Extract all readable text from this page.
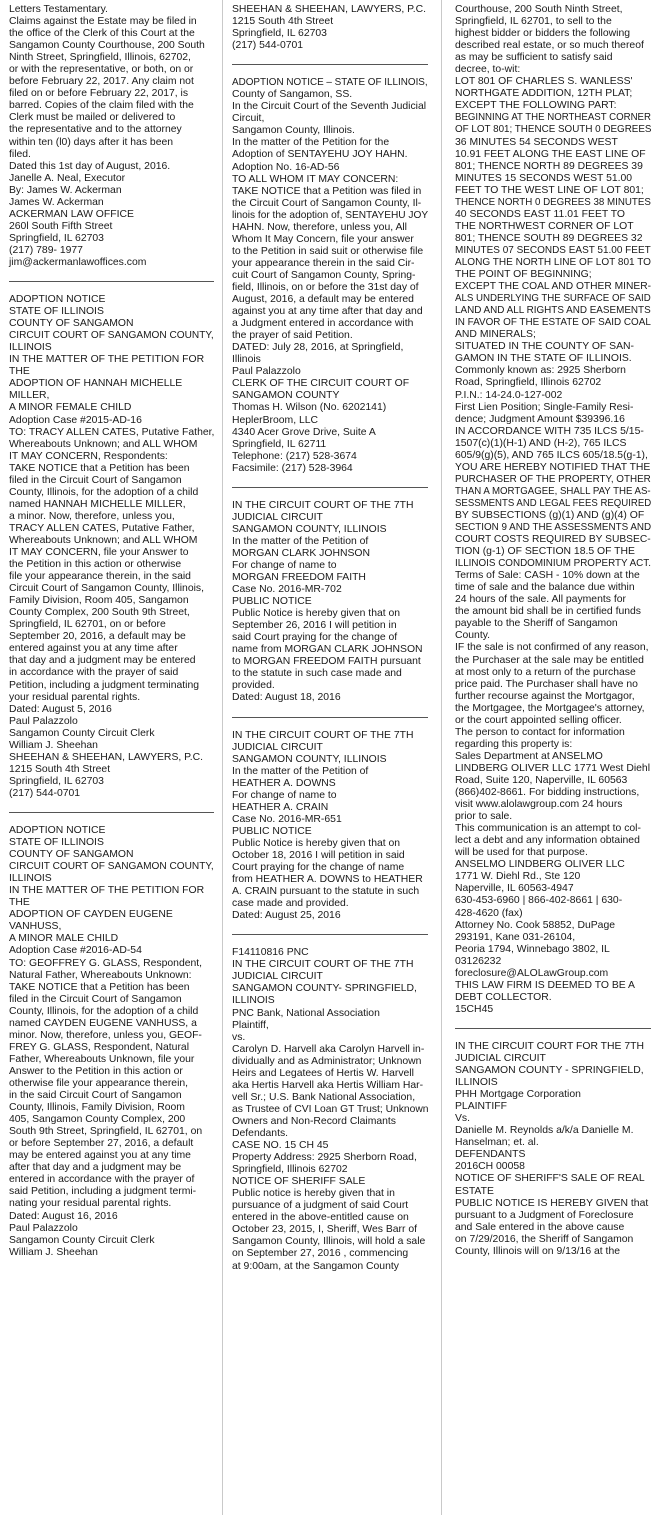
Letters Testamentary.
Claims against the Estate may be filed in
the office of the Clerk of this Court at the
Sangamon County Courthouse, 200 South
Ninth Street, Springfield, Illinois, 62702,
or with the representative, or both, on or
before February 22, 2017. Any claim not
filed on or before February 22, 2017, is
barred. Copies of the claim filed with the
Clerk must be mailed or delivered to
the representative and to the attorney
within ten (l0) days after it has been
filed.
Dated this 1st day of August, 2016.
Janelle A. Neal, Executor
By: James W. Ackerman
James W. Ackerman
ACKERMAN LAW OFFICE
260l South Fifth Street
Springfield, IL 62703
(217) 789- 1977
jim@ackermanlawoffices.com
ADOPTION NOTICE
STATE OF ILLINOIS
COUNTY OF SANGAMON
CIRCUIT COURT OF SANGAMON COUNTY,
ILLINOIS
IN THE MATTER OF THE PETITION FOR
THE
ADOPTION OF HANNAH MICHELLE
MILLER,
A MINOR FEMALE CHILD
Adoption Case #2015-AD-16
TO: TRACY ALLEN CATES, Putative Father,
Whereabouts Unknown; and ALL WHOM
IT MAY CONCERN, Respondents:
TAKE NOTICE that a Petition has been
filed in the Circuit Court of Sangamon
County, Illinois, for the adoption of a child
named HANNAH MICHELLE MILLER,
a minor. Now, therefore, unless you,
TRACY ALLEN CATES, Putative Father,
Whereabouts Unknown; and ALL WHOM
IT MAY CONCERN, file your Answer to
the Petition in this action or otherwise
file your appearance therein, in the said
Circuit Court of Sangamon County, Illinois,
Family Division, Room 405, Sangamon
County Complex, 200 South 9th Street,
Springfield, IL 62701, on or before
September 20, 2016, a default may be
entered against you at any time after
that day and a judgment may be entered
in accordance with the prayer of said
Petition, including a judgment terminating
your residual parental rights.
Dated: August 5, 2016
Paul Palazzolo
Sangamon County Circuit Clerk
William J. Sheehan
SHEEHAN & SHEEHAN, LAWYERS, P.C.
1215 South 4th Street
Springfield, IL 62703
(217) 544-0701
ADOPTION NOTICE
STATE OF ILLINOIS
COUNTY OF SANGAMON
CIRCUIT COURT OF SANGAMON COUNTY,
ILLINOIS
IN THE MATTER OF THE PETITION FOR
THE
ADOPTION OF CAYDEN EUGENE
VANHUSS,
A MINOR MALE CHILD
Adoption Case #2016-AD-54
TO: GEOFFREY G. GLASS, Respondent,
Natural Father, Whereabouts Unknown:
TAKE NOTICE that a Petition has been
filed in the Circuit Court of Sangamon
County, Illinois, for the adoption of a child
named CAYDEN EUGENE VANHUSS, a
minor. Now, therefore, unless you, GEOF-
FREY G. GLASS, Respondent, Natural
Father, Whereabouts Unknown, file your
Answer to the Petition in this action or
otherwise file your appearance therein,
in the said Circuit Court of Sangamon
County, Illinois, Family Division, Room
405, Sangamon County Complex, 200
South 9th Street, Springfield, IL 62701, on
or before September 27, 2016, a default
may be entered against you at any time
after that day and a judgment may be
entered in accordance with the prayer of
said Petition, including a judgment termi-
nating your residual parental rights.
Dated: August 16, 2016
Paul Palazzolo
Sangamon County Circuit Clerk
William J. Sheehan
SHEEHAN & SHEEHAN, LAWYERS, P.C.
1215 South 4th Street
Springfield, IL 62703
(217) 544-0701
ADOPTION NOTICE – STATE OF ILLINOIS,
County of Sangamon, SS.
In the Circuit Court of the Seventh Judicial
Circuit,
Sangamon County, Illinois.
In the matter of the Petition for the
Adoption of SENTAYEHU JOY HAHN.
Adoption No. 16-AD-56
TO ALL WHOM IT MAY CONCERN:
TAKE NOTICE that a Petition was filed in
the Circuit Court of Sangamon County, Il-
linois for the adoption of, SENTAYEHU JOY
HAHN. Now, therefore, unless you, All
Whom It May Concern, file your answer
to the Petition in said suit or otherwise file
your appearance therein in the said Cir-
cuit Court of Sangamon County, Spring-
field, Illinois, on or before the 31st day of
August, 2016, a default may be entered
against you at any time after that day and
a Judgment entered in accordance with
the prayer of said Petition.
DATED: July 28, 2016, at Springfield,
Illinois
Paul Palazzolo
CLERK OF THE CIRCUIT COURT OF
SANGAMON COUNTY
Thomas H. Wilson (No. 6202141)
HeplerBroom, LLC
4340 Acer Grove Drive, Suite A
Springfield, IL 62711
Telephone: (217) 528-3674
Facsimile: (217) 528-3964
IN THE CIRCUIT COURT OF THE 7TH
JUDICIAL CIRCUIT
SANGAMON COUNTY, ILLINOIS
In the matter of the Petition of
MORGAN CLARK JOHNSON
For change of name to
MORGAN FREEDOM FAITH
Case No. 2016-MR-702
PUBLIC NOTICE
Public Notice is hereby given that on
September 26, 2016 I will petition in
said Court praying for the change of
name from MORGAN CLARK JOHNSON
to MORGAN FREEDOM FAITH pursuant
to the statute in such case made and
provided.
Dated: August 18, 2016
IN THE CIRCUIT COURT OF THE 7TH
JUDICIAL CIRCUIT
SANGAMON COUNTY, ILLINOIS
In the matter of the Petition of
HEATHER A. DOWNS
For change of name to
HEATHER A. CRAIN
Case No. 2016-MR-651
PUBLIC NOTICE
Public Notice is hereby given that on
October 18, 2016 I will petition in said
Court praying for the change of name
from HEATHER A. DOWNS to HEATHER
A. CRAIN pursuant to the statute in such
case made and provided.
Dated: August 25, 2016
F14110816 PNC
IN THE CIRCUIT COURT OF THE 7TH
JUDICIAL CIRCUIT
SANGAMON COUNTY- SPRINGFIELD,
ILLINOIS
PNC Bank, National Association
Plaintiff,
vs.
Carolyn D. Harvell aka Carolyn Harvell in-
dividually and as Administrator; Unknown
Heirs and Legatees of Hertis W. Harvell
aka Hertis Harvell aka Hertis William Har-
vell Sr.; U.S. Bank National Association,
as Trustee of CVI Loan GT Trust; Unknown
Owners and Non-Record Claimants
Defendants.
CASE NO. 15 CH 45
Property Address: 2925 Sherborn Road,
Springfield, Illinois 62702
NOTICE OF SHERIFF SALE
Public notice is hereby given that in
pursuance of a judgment of said Court
entered in the above-entitled cause on
October 23, 2015, I, Sheriff, Wes Barr of
Sangamon County, Illinois, will hold a sale
on September 27, 2016 , commencing
at 9:00am, at the Sangamon County
Courthouse, 200 South Ninth Street,
Springfield, IL 62701, to sell to the
highest bidder or bidders the following
described real estate, or so much thereof
as may be sufficient to satisfy said
decree, to-wit:
LOT 801 OF CHARLES S. WANLESS'
NORTHGATE ADDITION, 12TH PLAT;
EXCEPT THE FOLLOWING PART:
BEGINNING AT THE NORTHEAST CORNER
OF LOT 801; THENCE SOUTH 0 DEGREES
36 MINUTES 54 SECONDS WEST
10.91 FEET ALONG THE EAST LINE OF
801; THENCE NORTH 89 DEGREES 39
MINUTES 15 SECONDS WEST 51.00
FEET TO THE WEST LINE OF LOT 801;
THENCE NORTH 0 DEGREES 38 MINUTES
40 SECONDS EAST 11.01 FEET TO
THE NORTHWEST CORNER OF LOT
801; THENCE SOUTH 89 DEGREES 32
MINUTES 07 SECONDS EAST 51.00 FEET
ALONG THE NORTH LINE OF LOT 801 TO
THE POINT OF BEGINNING;
EXCEPT THE COAL AND OTHER MINER-
ALS UNDERLYING THE SURFACE OF SAID
LAND AND ALL RIGHTS AND EASEMENTS
IN FAVOR OF THE ESTATE OF SAID COAL
AND MINERALS;
SITUATED IN THE COUNTY OF SAN-
GAMON IN THE STATE OF ILLINOIS.
Commonly known as: 2925 Sherborn
Road, Springfield, Illinois 62702
P.I.N.: 14-24.0-127-002
First Lien Position; Single-Family Resi-
dence; Judgment Amount $39396.16
IN ACCORDANCE WITH 735 ILCS 5/15-
1507(c)(1)(H-1) AND (H-2), 765 ILCS
605/9(g)(5), AND 765 ILCS 605/18.5(g-1),
YOU ARE HEREBY NOTIFIED THAT THE
PURCHASER OF THE PROPERTY, OTHER
THAN A MORTGAGEE, SHALL PAY THE AS-
SESSMENTS AND LEGAL FEES REQUIRED
BY SUBSECTIONS (g)(1) AND (g)(4) OF
SECTION 9 AND THE ASSESSMENTS AND
COURT COSTS REQUIRED BY SUBSEC-
TION (g-1) OF SECTION 18.5 OF THE
ILLINOIS CONDOMINIUM PROPERTY ACT.
Terms of Sale: CASH - 10% down at the
time of sale and the balance due within
24 hours of the sale. All payments for
the amount bid shall be in certified funds
payable to the Sheriff of Sangamon
County.
IF the sale is not confirmed of any reason,
the Purchaser at the sale may be entitled
at most only to a return of the purchase
price paid. The Purchaser shall have no
further recourse against the Mortgagor,
the Mortgagee, the Mortgagee's attorney,
or the court appointed selling officer.
The person to contact for information
regarding this property is:
Sales Department at ANSELMO
LINDBERG OLIVER LLC 1771 West Diehl
Road, Suite 120, Naperville, IL 60563
(866)402-8661. For bidding instructions,
visit www.alolawgroup.com 24 hours
prior to sale.
This communication is an attempt to col-
lect a debt and any information obtained
will be used for that purpose.
ANSELMO LINDBERG OLIVER LLC
1771 W. Diehl Rd., Ste 120
Naperville, IL 60563-4947
630-453-6960 | 866-402-8661 | 630-
428-4620 (fax)
Attorney No. Cook 58852, DuPage
293191, Kane 031-26104,
Peoria 1794, Winnebago 3802, IL
03126232
foreclosure@ALOLawGroup.com
THIS LAW FIRM IS DEEMED TO BE A
DEBT COLLECTOR.
15CH45
IN THE CIRCUIT COURT FOR THE 7TH
JUDICIAL CIRCUIT
SANGAMON COUNTY - SPRINGFIELD,
ILLINOIS
PHH Mortgage Corporation
PLAINTIFF
Vs.
Danielle M. Reynolds a/k/a Danielle M.
Hanselman; et. al.
DEFENDANTS
2016CH 00058
NOTICE OF SHERIFF'S SALE OF REAL
ESTATE
PUBLIC NOTICE IS HEREBY GIVEN that
pursuant to a Judgment of Foreclosure
and Sale entered in the above cause
on 7/29/2016, the Sheriff of Sangamon
County, Illinois will on 9/13/16 at the
